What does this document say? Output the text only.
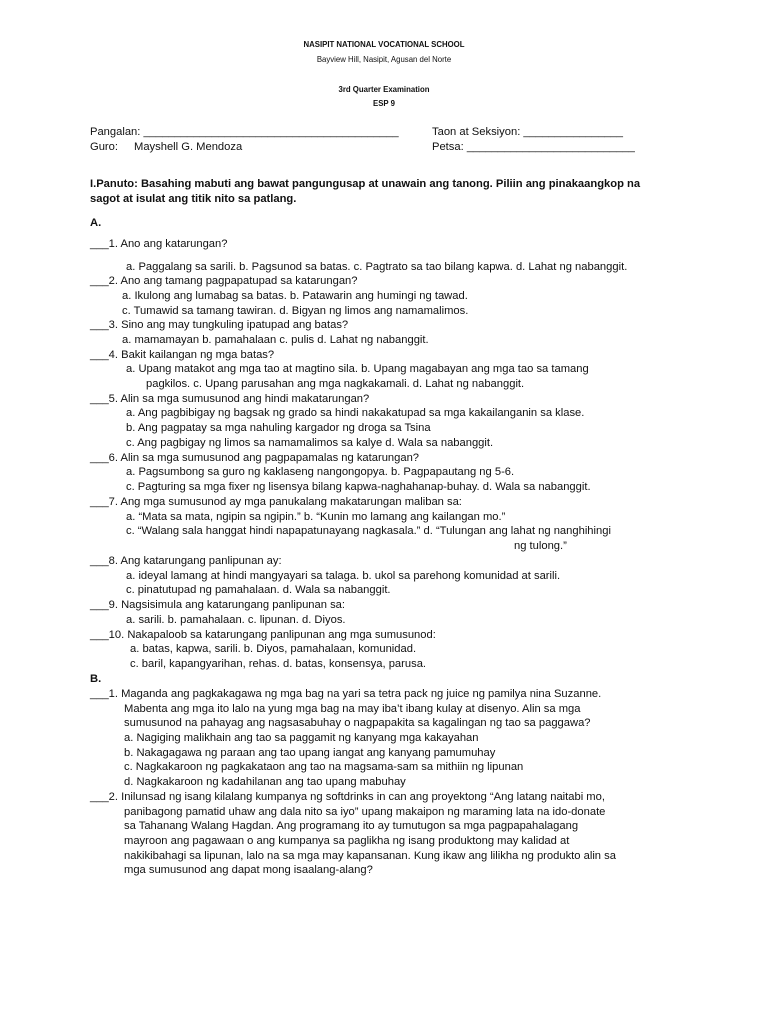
NASIPIT NATIONAL VOCATIONAL SCHOOL
Bayview Hill, Nasipit, Agusan del Norte
3rd Quarter Examination
ESP 9
Pangalan: _________________________________________	Taon at Seksiyon: ________________
Guro: Mayshell G. Mendoza	Petsa: ___________________________
I.Panuto: Basahing mabuti ang bawat pangungusap at unawain ang tanong. Piliin ang pinakaangkop na
sagot at isulat ang titik nito sa patlang.
A.
___1. Ano ang katarungan?
a. Paggalang sa sarili. b. Pagsunod sa batas. c. Pagtrato sa tao bilang kapwa. d. Lahat ng nabanggit.
___2. Ano ang tamang pagpapatupad sa katarungan?
a. Ikulong ang lumabag sa batas. b. Patawarin ang humingi ng tawad.
c. Tumawid sa tamang tawiran. d. Bigyan ng limos ang namamalimos.
___3. Sino ang may tungkuling ipatupad ang batas?
a. mamamayan b. pamahalaan c. pulis d. Lahat ng nabanggit.
___4. Bakit kailangan ng mga batas?
a. Upang matakot ang mga tao at magtino sila. b. Upang magabayan ang mga tao sa tamang
pagkilos. c. Upang parusahan ang mga nagkakamali. d. Lahat ng nabanggit.
___5. Alin sa mga sumusunod ang hindi makatarungan?
a. Ang pagbibigay ng bagsak ng grado sa hindi nakakatupad sa mga kakailanganin sa klase.
b. Ang pagpatay sa mga nahuling kargador ng droga sa Tsina
c. Ang pagbigay ng limos sa namamalimos sa kalye d. Wala sa nabanggit.
___6. Alin sa mga sumusunod ang pagpapamalas ng katarungan?
a. Pagsumbong sa guro ng kaklaseng nangongopya. b. Pagpapautang ng 5-6.
c. Pagturing sa mga fixer ng lisensya bilang kapwa-naghahanap-buhay. d. Wala sa nabanggit.
___7. Ang mga sumusunod ay mga panukalang makatarungan maliban sa:
a. “Mata sa mata, ngipin sa ngipin.” b. “Kunin mo lamang ang kailangan mo.”
c. “Walang sala hanggat hindi napapatunayang nagkasala.” d. “Tulungan ang lahat ng nanghihingi
ng tulong.”
___8. Ang katarungang panlipunan ay:
a. ideyal lamang at hindi mangyayari sa talaga. b. ukol sa parehong komunidad at sarili.
c. pinatutupad ng pamahalaan. d. Wala sa nabanggit.
___9. Nagsisimula ang katarungang panlipunan sa:
a. sarili. b. pamahalaan. c. lipunan. d. Diyos.
___10. Nakapaloob sa katarungang panlipunan ang mga sumusunod:
a. batas, kapwa, sarili. b. Diyos, pamahalaan, komunidad.
c. baril, kapangyarihan, rehas. d. batas, konsensya, parusa.
B.
___1. Maganda ang pagkakagawa ng mga bag na yari sa tetra pack ng juice ng pamilya nina Suzanne.
Mabenta ang mga ito lalo na yung mga bag na may iba’t ibang kulay at disenyo. Alin sa mga
sumusunod na pahayag ang nagsasabuhay o nagpapakita sa kagalingan ng tao sa paggawa?
a. Nagiging malikhain ang tao sa paggamit ng kanyang mga kakayahan
b. Nakagagawa ng paraan ang tao upang iangat ang kanyang pamumuhay
c. Nagkakaroon ng pagkakataon ang tao na magsama-sam sa mithiin ng lipunan
d. Nagkakaroon ng kadahilanan ang tao upang mabuhay
___2. Inilunsad ng isang kilalang kumpanya ng softdrinks in can ang proyektong “Ang latang naitabi mo,
panibagong pamatid uhaw ang dala nito sa iyo” upang makaipon ng maraming lata na ido-donate
sa Tahanang Walang Hagdan. Ang programang ito ay tumutugon sa mga pagpapahalagang
mayroon ang pagawaan o ang kumpanya sa paglikha ng isang produktong may kalidad at
nakikibahagi sa lipunan, lalo na sa mga may kapansanan. Kung ikaw ang lilikha ng produkto alin sa
mga sumusunod ang dapat mong isaalang-alang?
